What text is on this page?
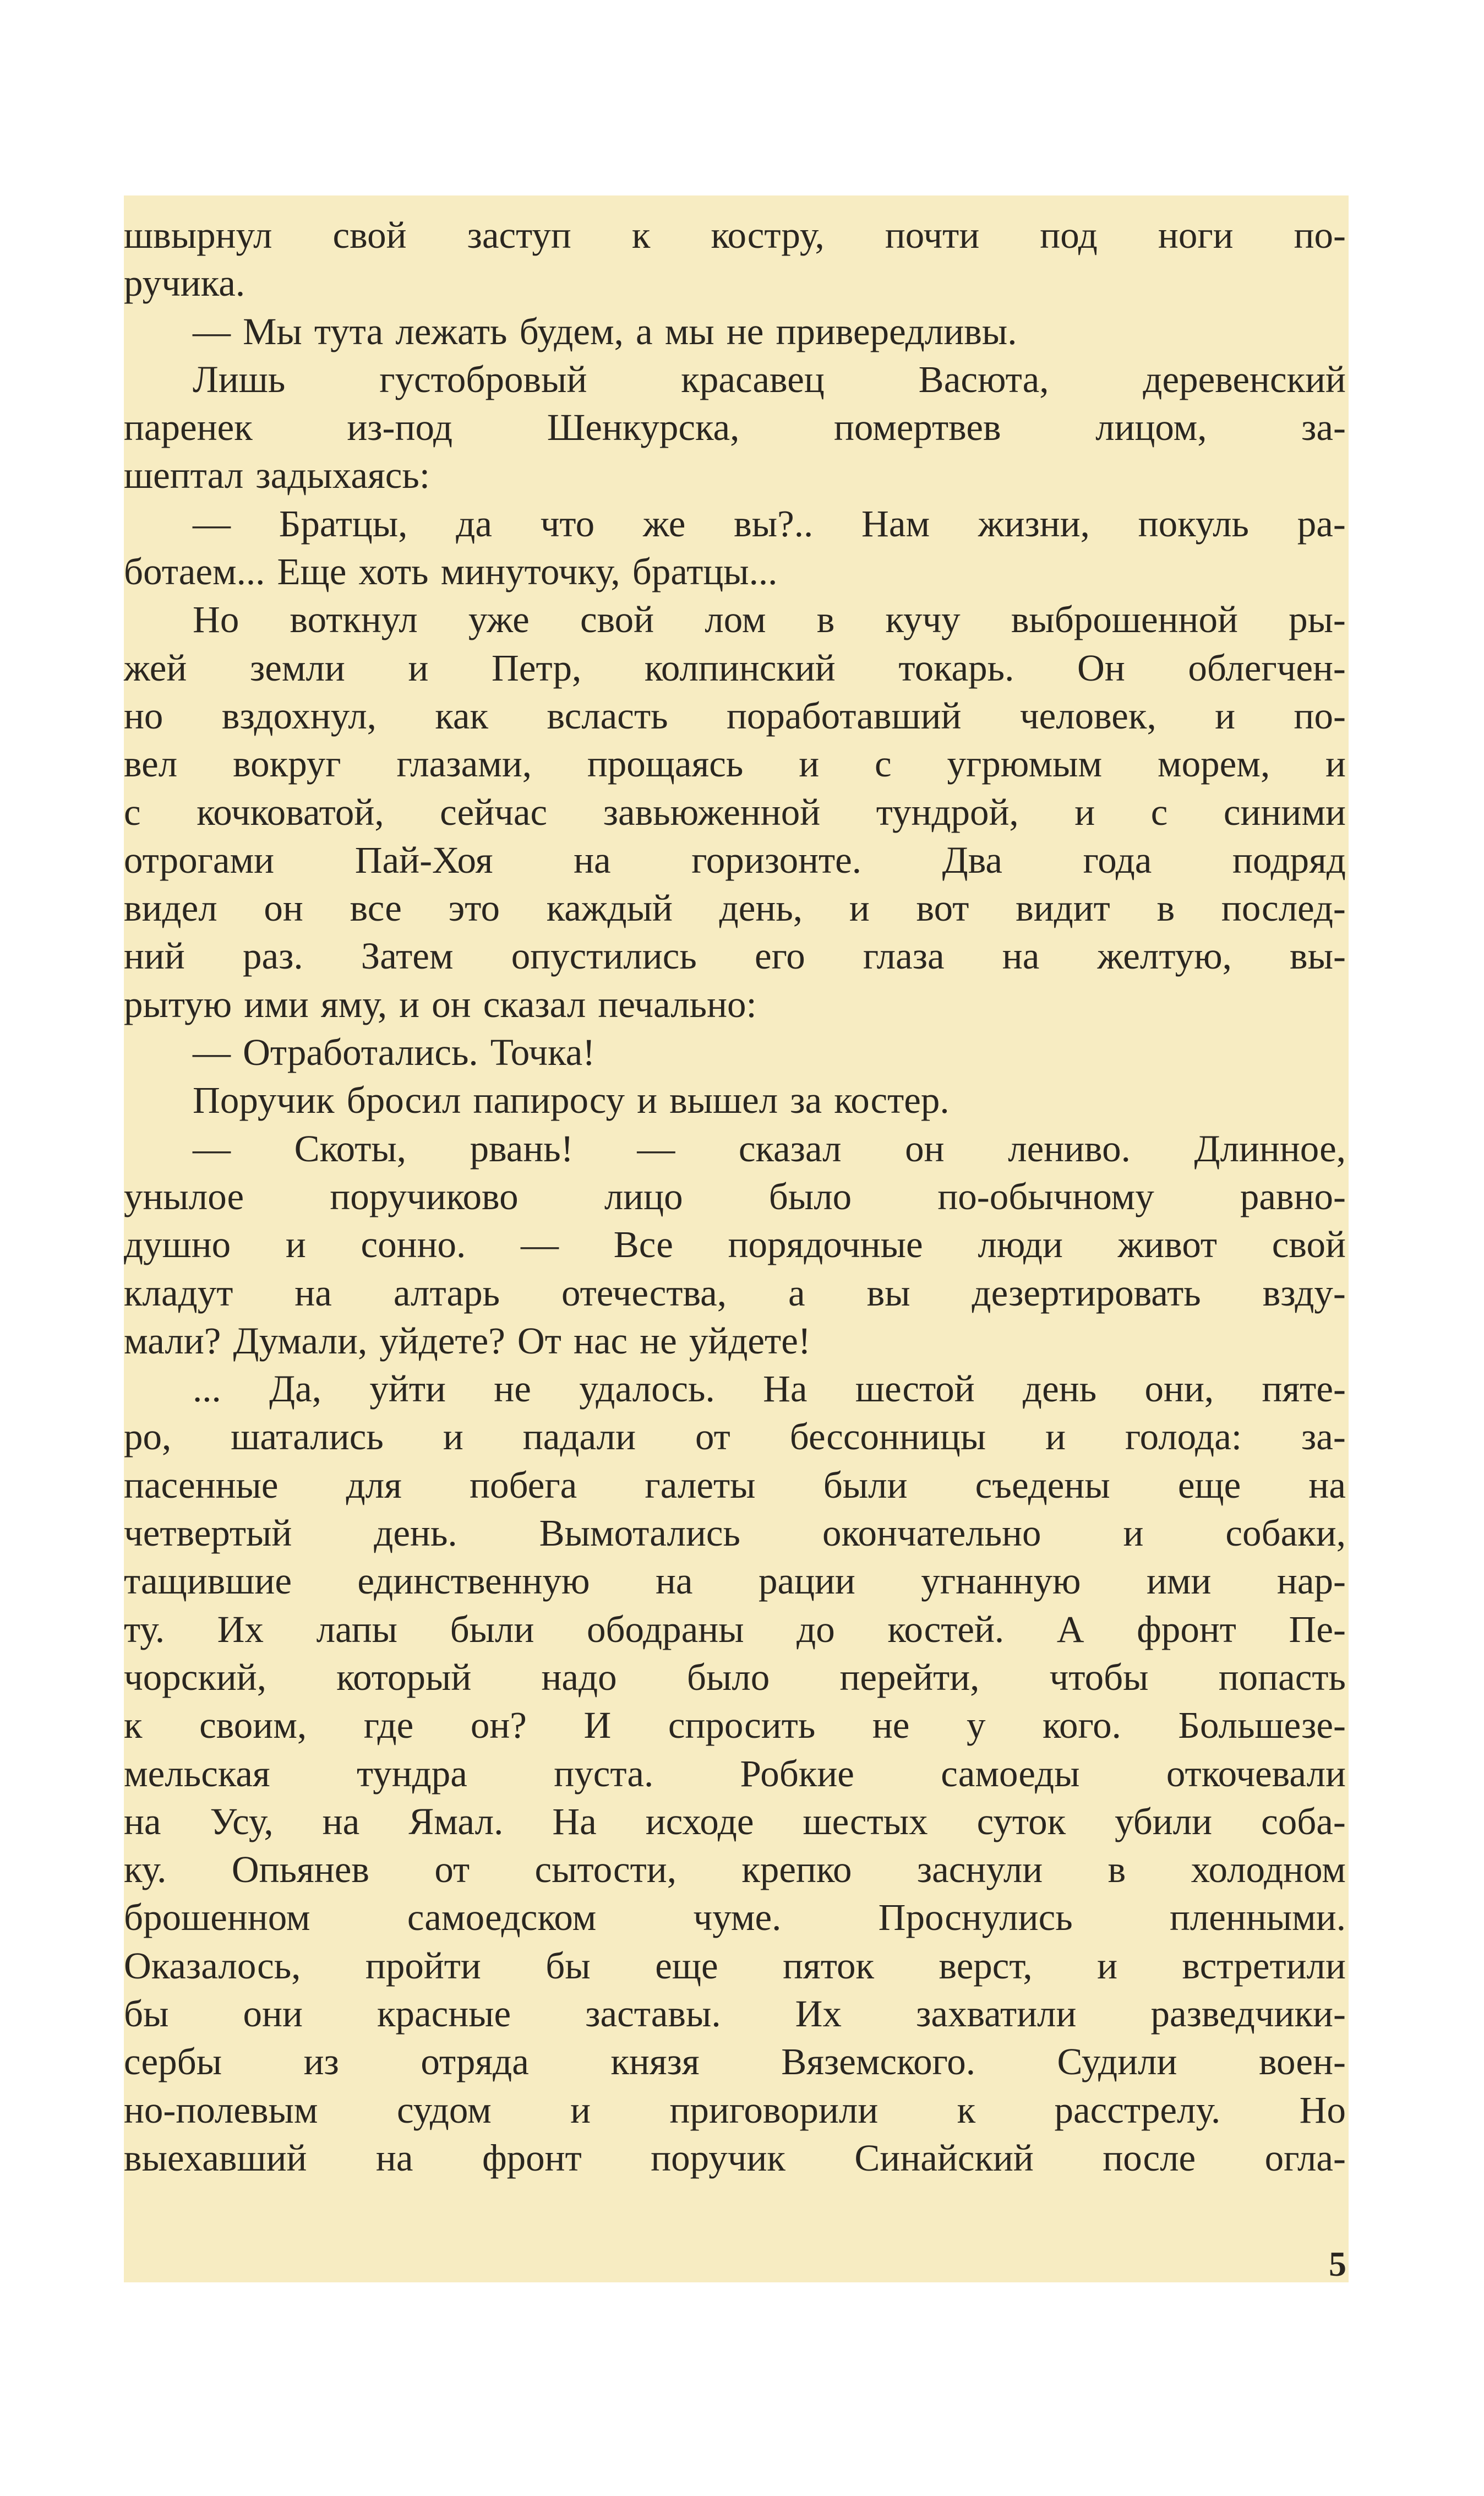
швырнул свой заступ к костру, почти под ноги по-
ручика.
— Мы тута лежать будем, а мы не привередливы.
Лишь густобровый красавец Васюта, деревенский
паренек из-под Шенкурска, помертвев лицом, за-
шептал задыхаясь:
— Братцы, да что же вы?.. Нам жизни, покуль ра-
ботаем... Еще хоть минуточку, братцы...
Но воткнул уже свой лом в кучу выброшенной ры-
жей земли и Петр, колпинский токарь. Он облегчен-
но вздохнул, как всласть поработавший человек, и по-
вел вокруг глазами, прощаясь и с угрюмым морем, и
с кочковатой, сейчас завьюженной тундрой, и с синими
отрогами Пай-Хоя на горизонте. Два года подряд
видел он все это каждый день, и вот видит в послед-
ний раз. Затем опустились его глаза на желтую, вы-
рытую ими яму, и он сказал печально:
— Отработались. Точка!
Поручик бросил папиросу и вышел за костер.
— Скоты, рвань! — сказал он лениво. Длинное,
унылое поручиково лицо было по-обычному равно-
душно и сонно. — Все порядочные люди живот свой
кладут на алтарь отечества, а вы дезертировать взду-
мали? Думали, уйдете? От нас не уйдете!
... Да, уйти не удалось. На шестой день они, пяте-
ро, шатались и падали от бессонницы и голода: за-
пасенные для побега галеты были съедены еще на
четвертый день. Вымотались окончательно и собаки,
тащившие единственную на рации угнанную ими нар-
ту. Их лапы были ободраны до костей. А фронт Пе-
чорский, который надо было перейти, чтобы попасть
к своим, где он? И спросить не у кого. Большезе-
мельская тундра пуста. Робкие самоеды откочевали
на Усу, на Ямал. На исходе шестых суток убили соба-
ку. Опьянев от сытости, крепко заснули в холодном
брошенном	самоедском	чуме.	Проснулись	пленными.
Оказалось, пройти бы еще пяток верст, и встретили
бы они красные заставы. Их захватили разведчики-
сербы из отряда князя Вяземского. Судили воен-
но-полевым судом и приговорили к расстрелу. Но
выехавший на фронт поручик Синайский после огла-
5
